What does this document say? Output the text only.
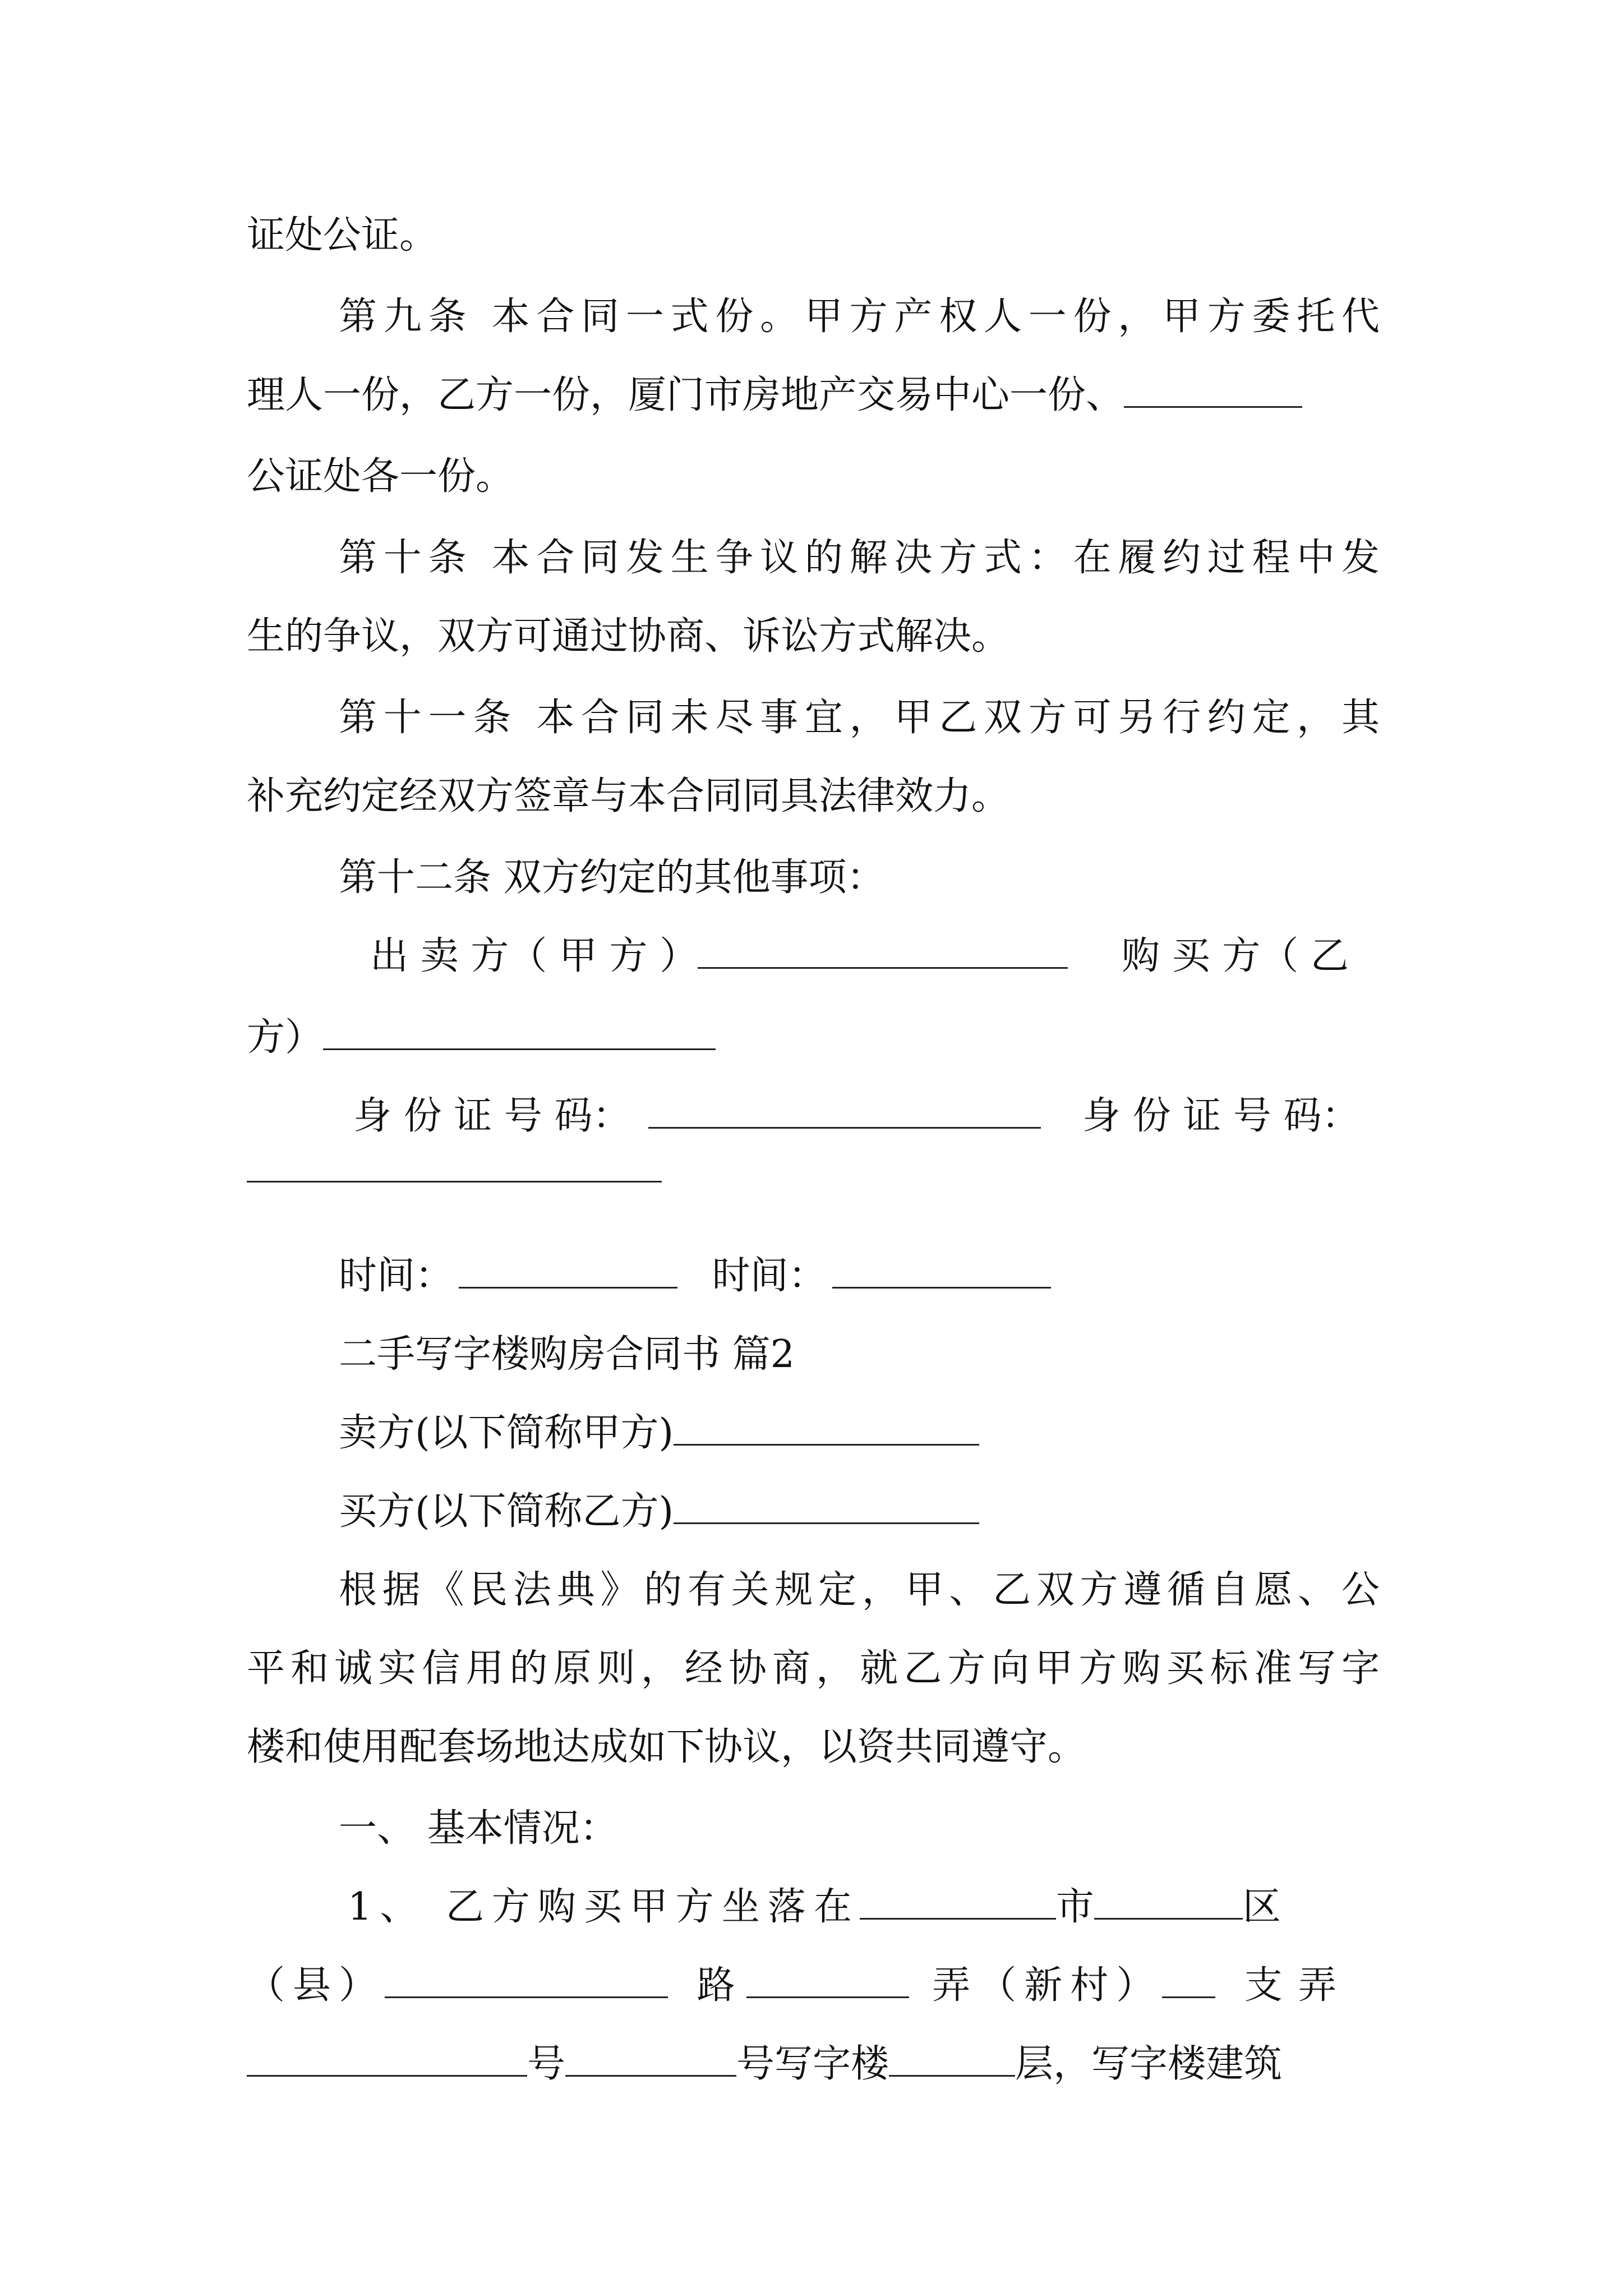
证处公证。
第九条 本合同一式份。甲方产权人一份，甲方委托代
理人一份，乙方一份，厦门市房地产交易中心一份、
公证处各一份。
第十条 本合同发生争议的解决方式：在履约过程中发
生的争议，双方可通过协商、诉讼方式解决。
第十一条 本合同未尽事宜，甲乙双方可另行约定，其
补充约定经双方签章与本合同同具法律效力。
第十二条 双方约定的其他事项：
出 卖 方（ 甲 方 ）	购 买 方（ 乙
方）
身 份 证 号 码：	身 份 证 号 码：
时间：	时间：
二手写字楼购房合同书 篇2
卖方(以下简称甲方)
买方(以下简称乙方)
根据《民法典》的有关规定，甲、乙双方遵循自愿、公
平和诚实信用的原则，经协商，就乙方向甲方购买标准写字
楼和使用配套场地达成如下协议，以资共同遵守。
一、 基本情况：
1、 乙方购买甲方坐落在	市	区
（县）	路	弄（新村） 支弄
号	号写字楼	层，写字楼建筑
